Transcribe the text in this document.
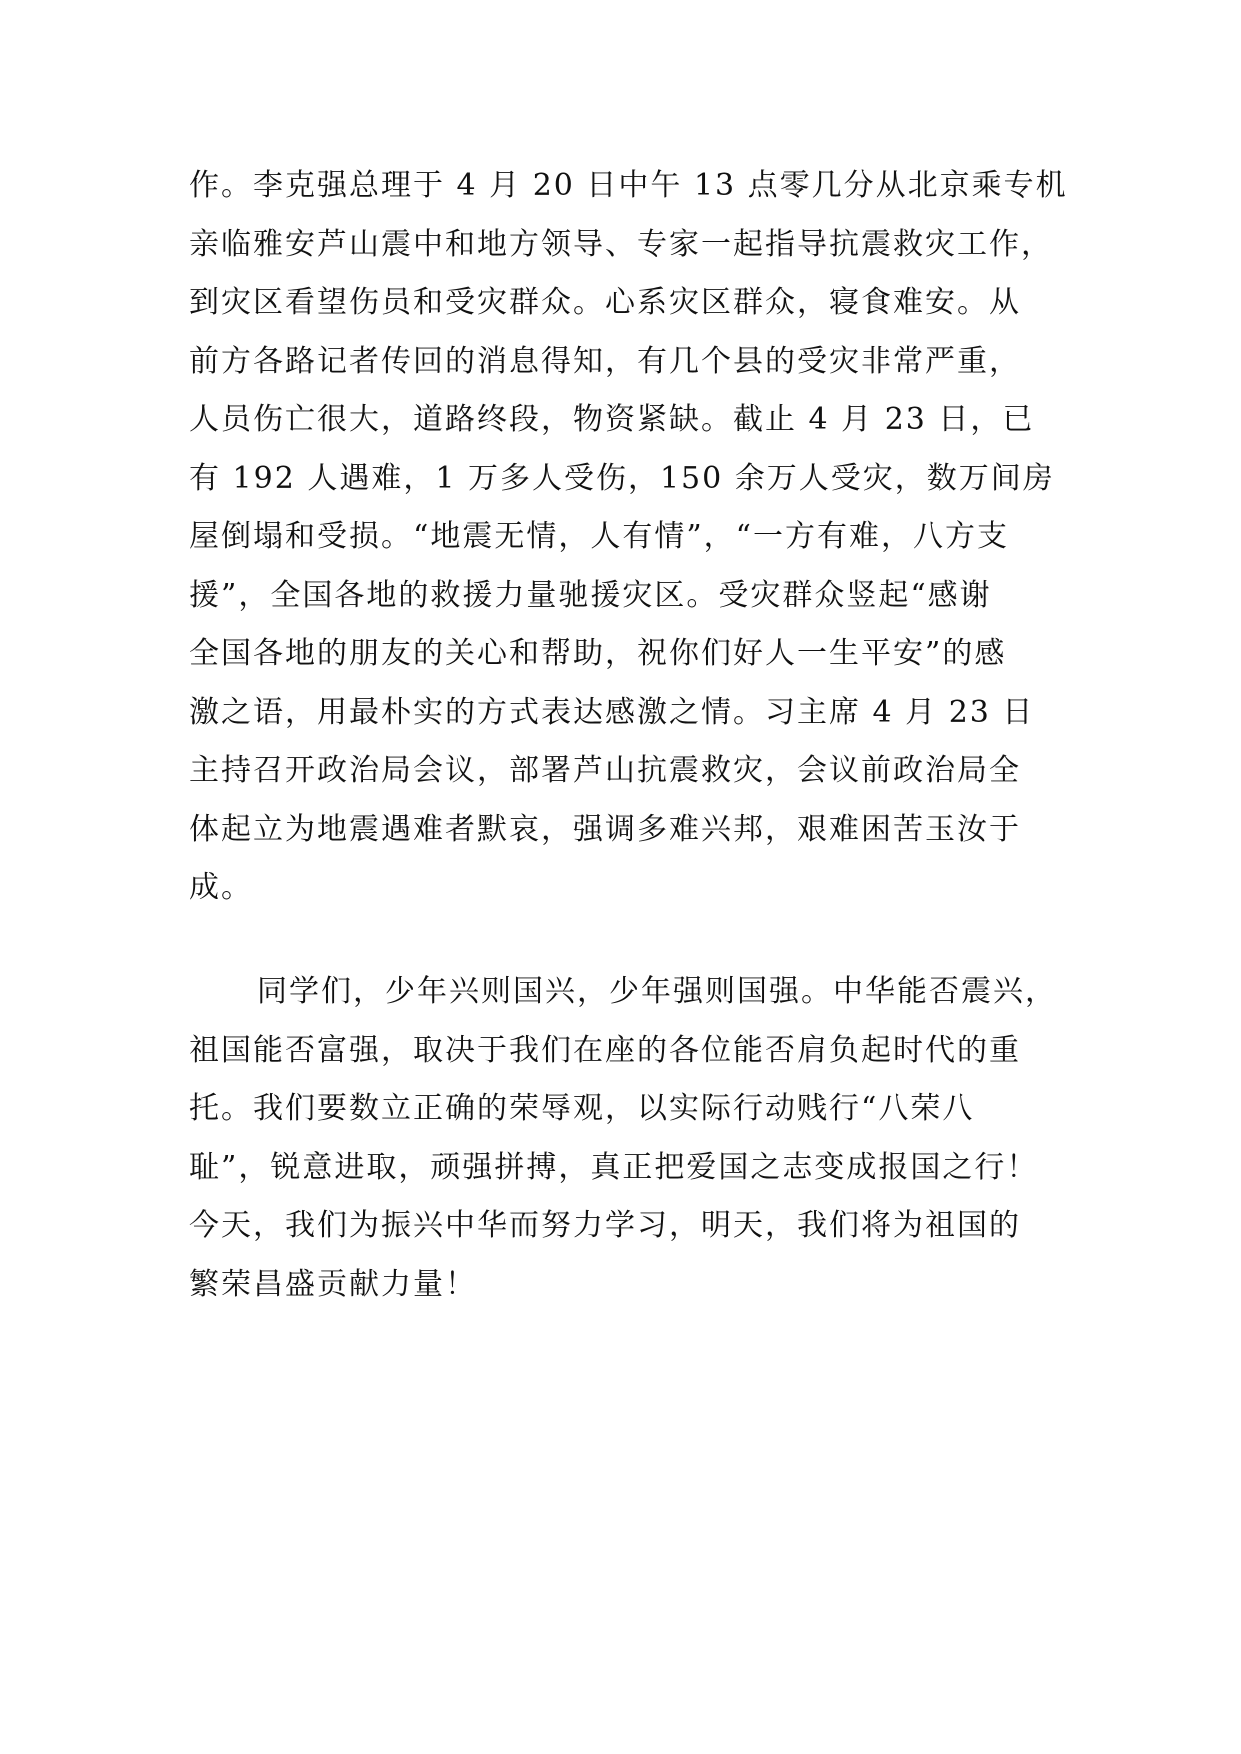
作。李克强总理于 4 月 20 日中午 13 点零几分从北京乘专机
亲临雅安芦山震中和地方领导、专家一起指导抗震救灾工作，
到灾区看望伤员和受灾群众。心系灾区群众，寝食难安。从
前方各路记者传回的消息得知，有几个县的受灾非常严重，
人员伤亡很大，道路终段，物资紧缺。截止 4 月 23 日，已
有 192 人遇难，1 万多人受伤，150 余万人受灾，数万间房
屋倒塌和受损。“地震无情，人有情”，“一方有难，八方支
援”，全国各地的救援力量驰援灾区。受灾群众竖起“感谢
全国各地的朋友的关心和帮助，祝你们好人一生平安”的感
激之语，用最朴实的方式表达感激之情。习主席 4 月 23 日
主持召开政治局会议，部署芦山抗震救灾，会议前政治局全
体起立为地震遇难者默哀，强调多难兴邦，艰难困苦玉汝于
成。
同学们，少年兴则国兴，少年强则国强。中华能否震兴，
祖国能否富强，取决于我们在座的各位能否肩负起时代的重
托。我们要数立正确的荣辱观，以实际行动贱行“八荣八
耻”，锐意进取，顽强拼搏，真正把爱国之志变成报国之行！
今天，我们为振兴中华而努力学习，明天，我们将为祖国的
繁荣昌盛贡献力量！
